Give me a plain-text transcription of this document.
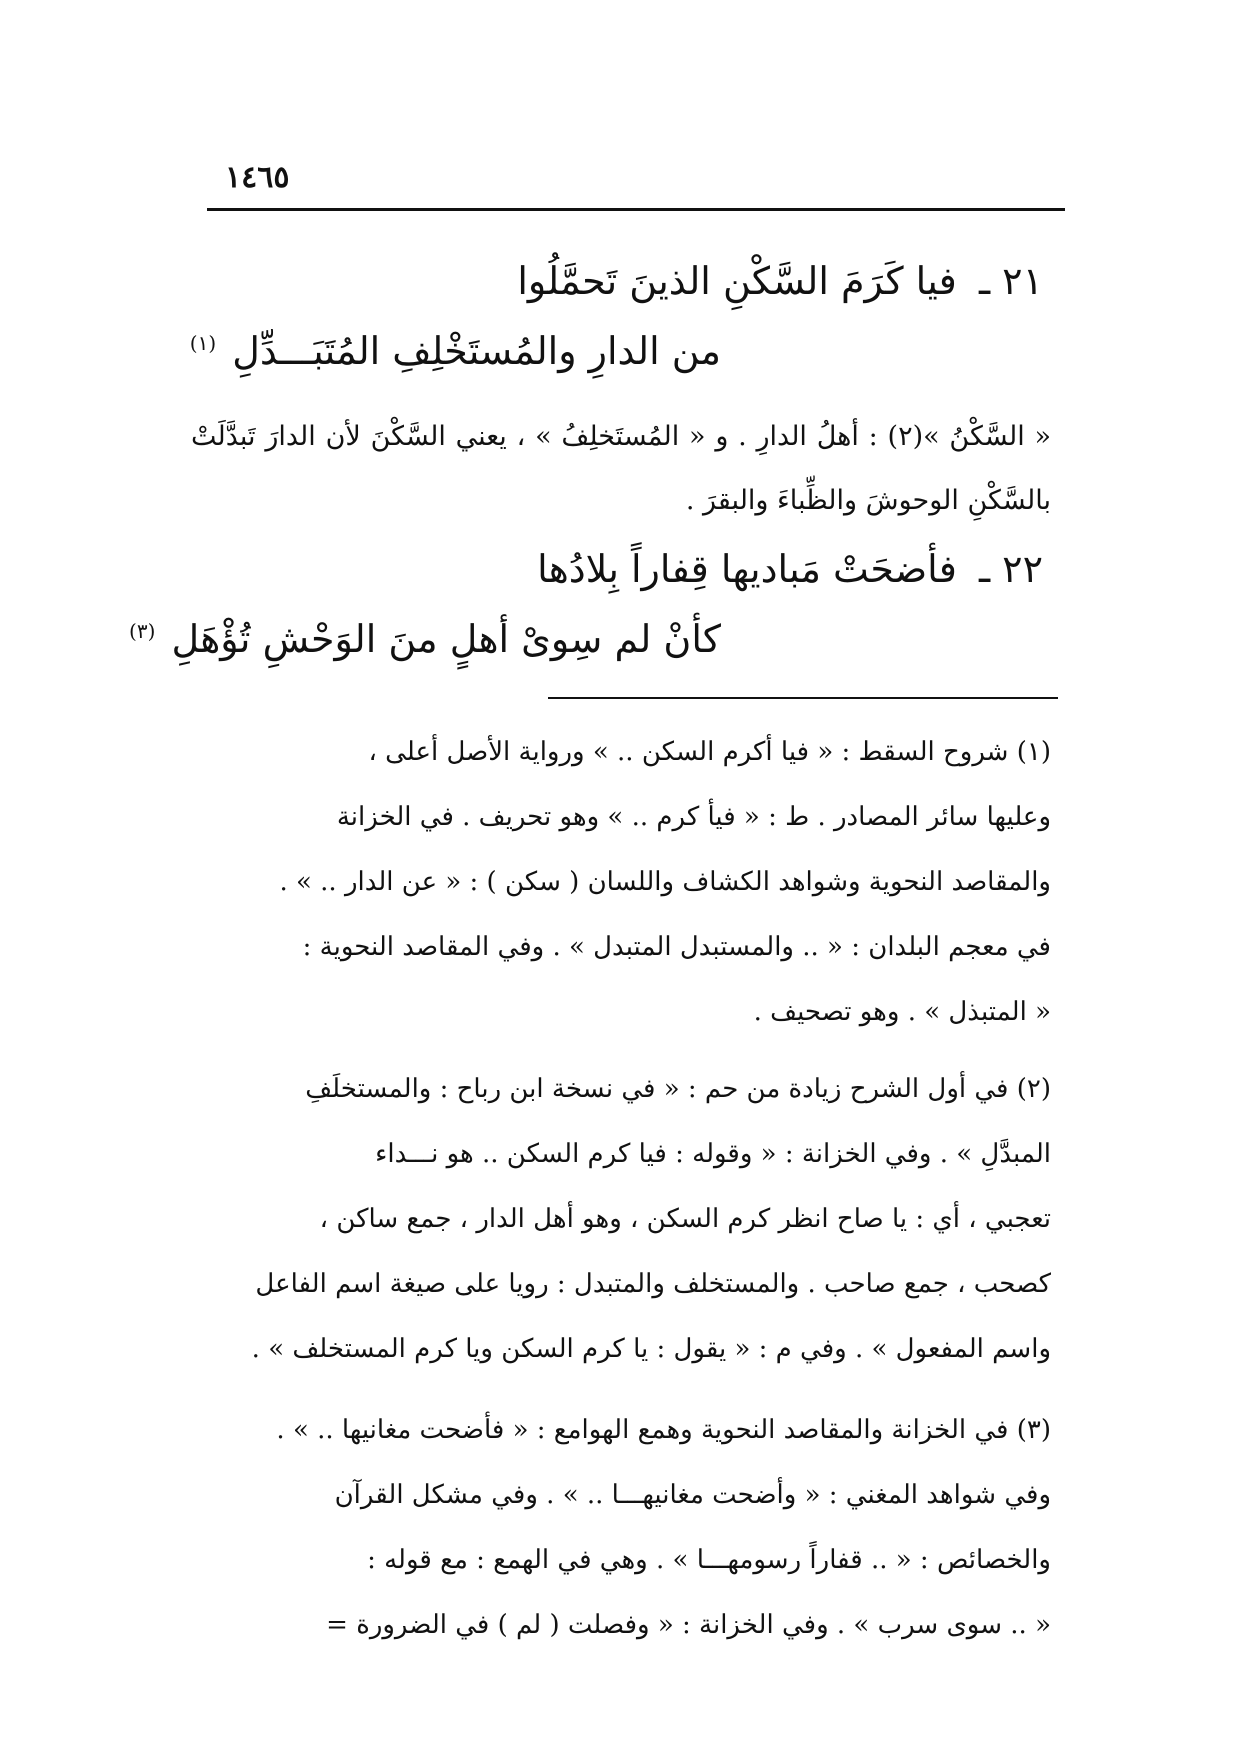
١٤٦٥
٢١ ـ فيا كَرَمَ السَّكْنِ الذينَ تَحمَّلُوا
من الدارِ والمُستَخْلِفِ المُتَبَـــدِّلِ $^{(١)}$
« السَّكْنُ »(٢) : أهلُ الدارِ . و « المُستَخلِفُ » ، يعني السَّكْنَ لأن الدارَ تَبدَّلَتْ بالسَّكْنِ الوحوشَ والظِّباءَ والبقرَ .
٢٢ ـ فأضحَتْ مَباديها قِفاراً بِلادُها
كأنْ لم سِوىْ أهلٍ منَ الوَحْشِ تُؤْهَلِ $^{(٣)}$
(١) شروح السقط : « فيا أكرم السكن .. » ورواية الأصل أعلى ،
وعليها سائر المصادر . ط : « فيأ كرم .. » وهو تحريف . في الخزانة
والمقاصد النحوية وشواهد الكشاف واللسان ( سكن ) : « عن الدار .. » .
في معجم البلدان : « .. والمستبدل المتبدل » . وفي المقاصد النحوية :
« المتبذل » . وهو تصحيف .
(٢) في أول الشرح زيادة من حم : « في نسخة ابن رباح : والمستخلَفِ
المبدَّلِ » . وفي الخزانة : « وقوله : فيا كرم السكن .. هو نـــداء
تعجبي ، أي : يا صاح انظر كرم السكن ، وهو أهل الدار ، جمع ساكن ،
كصحب ، جمع صاحب . والمستخلف والمتبدل : رويا على صيغة اسم الفاعل
واسم المفعول » . وفي م : « يقول : يا كرم السكن ويا كرم المستخلف » .
(٣) في الخزانة والمقاصد النحوية وهمع الهوامع : « فأضحت مغانيها .. » .
وفي شواهد المغني : « وأضحت مغانيهـــا .. » . وفي مشكل القرآن
والخصائص : « .. قفاراً رسومهـــا » . وهي في الهمع : مع قوله :
« .. سوى سرب » . وفي الخزانة : « وفصلت ( لم ) في الضرورة =
